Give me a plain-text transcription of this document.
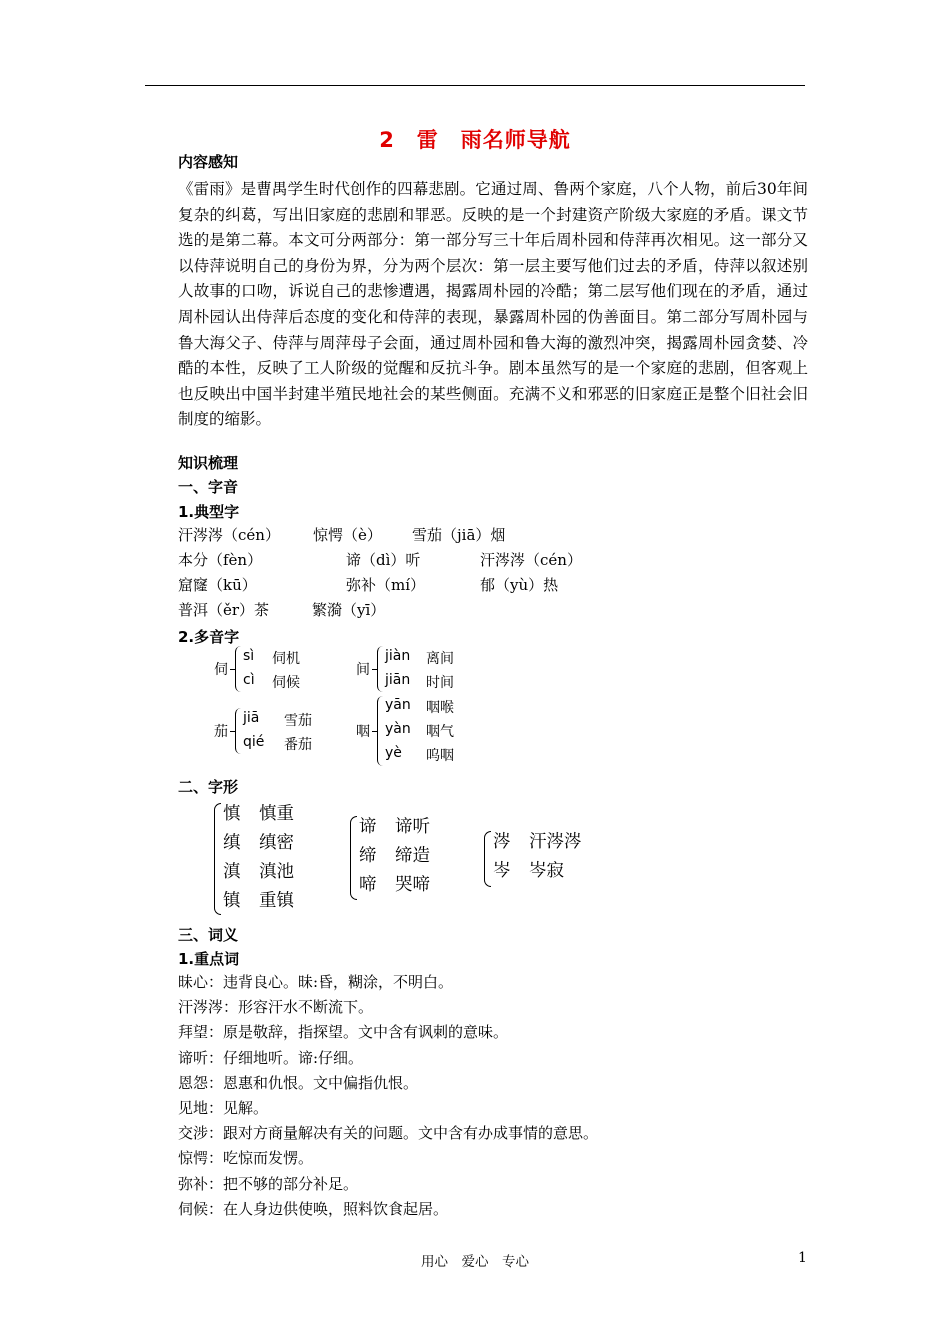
2　雷　雨名师导航
内容感知

《雷雨》是曹禺学生时代创作的四幕悲剧。它通过周、鲁两个家庭，八个人物，前后30年间复杂的纠葛，写出旧家庭的悲剧和罪恶。反映的是一个封建资产阶级大家庭的矛盾。课文节选的是第二幕。本文可分两部分：第一部分写三十年后周朴园和侍萍再次相见。这一部分又以侍萍说明自己的身份为界，分为两个层次：第一层主要写他们过去的矛盾，侍萍以叙述别人故事的口吻，诉说自己的悲惨遭遇，揭露周朴园的冷酷；第二层写他们现在的矛盾，通过周朴园认出侍萍后态度的变化和侍萍的表现，暴露周朴园的伪善面目。第二部分写周朴园与鲁大海父子、侍萍与周萍母子会面，通过周朴园和鲁大海的激烈冲突，揭露周朴园贪婪、冷酷的本性，反映了工人阶级的觉醒和反抗斗争。剧本虽然写的是一个家庭的悲剧，但客观上也反映出中国半封建半殖民地社会的某些侧面。充满不义和邪恶的旧家庭正是整个旧社会旧制度的缩影。

知识梳理
一、字音
1.典型字
汗涔涔（cén） 惊愕（è） 雪茄（jiā）烟
本分（fèn）	谛（dì）听	汗涔涔（cén）
窟窿（kū）	弥补（mí）	郁（yù）热
普洱（ěr）茶	繁漪（yī）
2.多音字
伺
sì 伺机
cì 伺候
间
jiàn 离间
jiān 时间
茄
jiā 雪茄
qié 番茄
咽
yān 咽喉
yàn 咽气
yè 呜咽
二、字形
慎 慎重
缜 缜密
滇 滇池
镇 重镇
谛 谛听
缔 缔造
啼 哭啼
涔 汗涔涔
岑 岑寂
三、词义
1.重点词
昧心：违背良心。昧:昏，糊涂，不明白。
汗涔涔：形容汗水不断流下。
拜望：原是敬辞，指探望。文中含有讽刺的意味。
谛听：仔细地听。谛:仔细。
恩怨：恩惠和仇恨。文中偏指仇恨。
见地：见解。
交涉：跟对方商量解决有关的问题。文中含有办成事情的意思。
惊愕：吃惊而发愣。
弥补：把不够的部分补足。
伺候：在人身边供使唤，照料饮食起居。
用心　爱心　专心	1
